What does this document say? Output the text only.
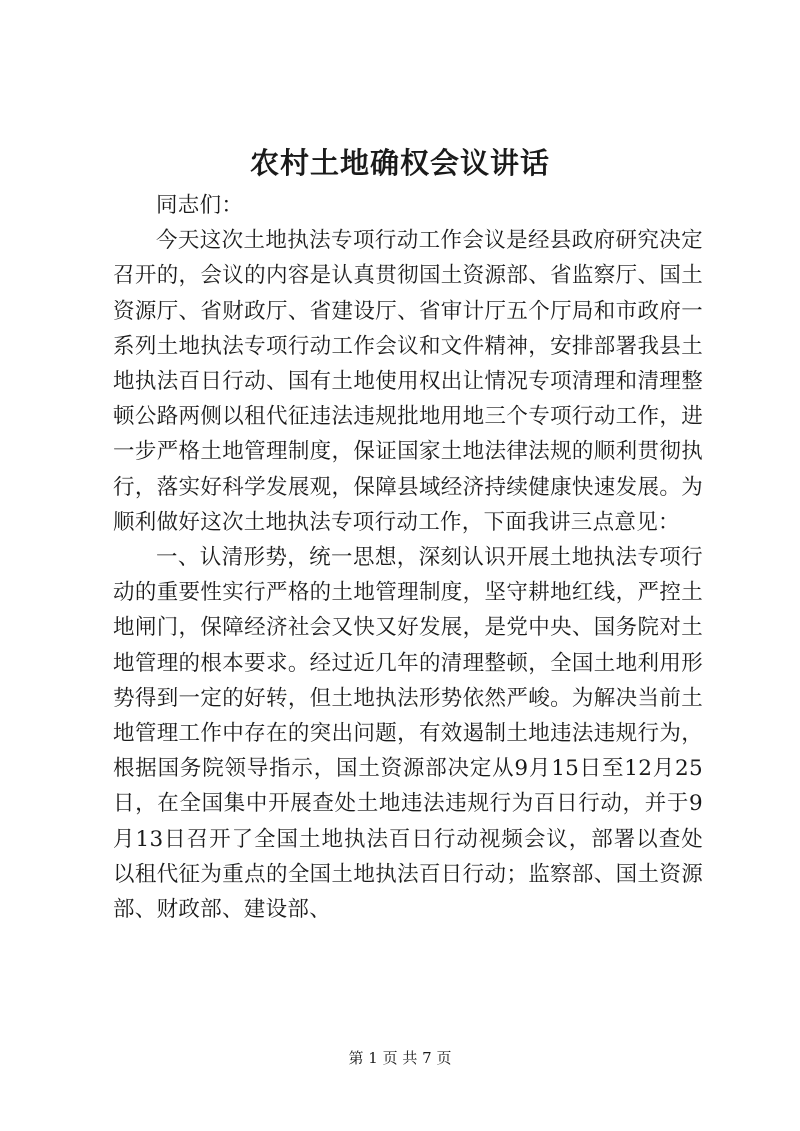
农村土地确权会议讲话

同志们：

今天这次土地执法专项行动工作会议是经县政府研究决定召开的，会议的内容是认真贯彻国土资源部、省监察厅、国土资源厅、省财政厅、省建设厅、省审计厅五个厅局和市政府一系列土地执法专项行动工作会议和文件精神，安排部署我县土地执法百日行动、国有土地使用权出让情况专项清理和清理整顿公路两侧以租代征违法违规批地用地三个专项行动工作，进一步严格土地管理制度，保证国家土地法律法规的顺利贯彻执行，落实好科学发展观，保障县域经济持续健康快速发展。为顺利做好这次土地执法专项行动工作，下面我讲三点意见：

一、认清形势，统一思想，深刻认识开展土地执法专项行动的重要性实行严格的土地管理制度，坚守耕地红线，严控土地闸门，保障经济社会又快又好发展，是党中央、国务院对土地管理的根本要求。经过近几年的清理整顿，全国土地利用形势得到一定的好转，但土地执法形势依然严峻。为解决当前土地管理工作中存在的突出问题，有效遏制土地违法违规行为，根据国务院领导指示，国土资源部决定从9月15日至12月25日，在全国集中开展查处土地违法违规行为百日行动，并于9月13日召开了全国土地执法百日行动视频会议，部署以查处以租代征为重点的全国土地执法百日行动；监察部、国土资源部、财政部、建设部、

第 1 页 共 7 页
